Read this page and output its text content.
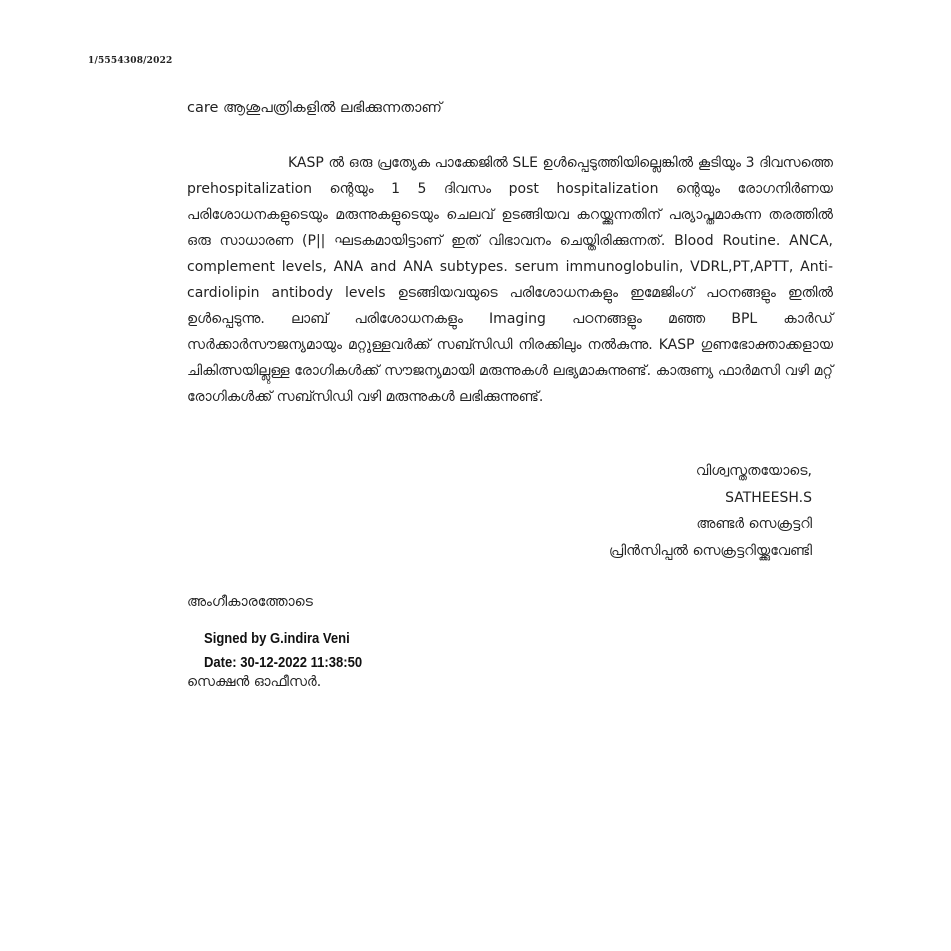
1/5554308/2022
care ആശുപത്രികളിൽ ലഭിക്കുന്നതാണ്

KASP ൽ ഒരു പ്രത്യേക പാക്കേജിൽ SLE ഉൾപ്പെടുത്തിയില്ലെങ്കിൽ കൂടിയും 3 ദിവസത്തെ prehospitalization ന്റെയും 1 5 ദിവസം post hospitalization ന്റെയും രോഗനിർണയ പരിശോധനകളുടെയും മരുന്നുകളുടെയും ചെലവ് ഉടങ്ങിയവ കറയ്ക്കുന്നതിന് പര്യാപ്തമാകുന്ന തരത്തിൽ ഒരു സാധാരണ (P|| ഘടകമായിട്ടാണ് ഇത് വിഭാവനം ചെയ്തിരിക്കുന്നത്. Blood Routine. ANCA, complement levels, ANA and ANA subtypes. serum immunoglobulin, VDRL,PT,APTT, Anti-cardiolipin antibody levels ഉടങ്ങിയവയുടെ പരിശോധനകളും ഇമേജിംഗ് പഠനങ്ങളും ഇതിൽ ഉൾപ്പെടുന്നു. ലാബ് പരിശോധനകളും Imaging പഠനങ്ങളും മഞ്ഞ BPL കാർഡ് സർക്കാർസൗജന്യമായും മറ്റുള്ളവർക്ക് സബ്സിഡി നിരക്കിലും നൽകുന്നു. KASP ഗുണഭോക്താക്കളായ ചികിത്സയില്ലുള്ള രോഗികൾക്ക് സൗജന്യമായി മരുന്നുകൾ ലഭ്യമാകുന്നുണ്ട്. കാരുണ്യ ഫാർമസി വഴി മറ്റ് രോഗികൾക്ക് സബ്സിഡി വഴി മരുന്നുകൾ ലഭിക്കുന്നുണ്ട്.

വിശ്വസ്തതയോടെ,
SATHEESH.S
അണ്ടർ സെക്രട്ടറി
പ്രിൻസിപ്പൽ സെക്രട്ടറിയ്ക്കുവേണ്ടി
അംഗീകാരത്തോടെ
Signed by G.indira Veni
Date: 30-12-2022 11:38:50
സെക്ഷൻ ഓഫീസർ.
